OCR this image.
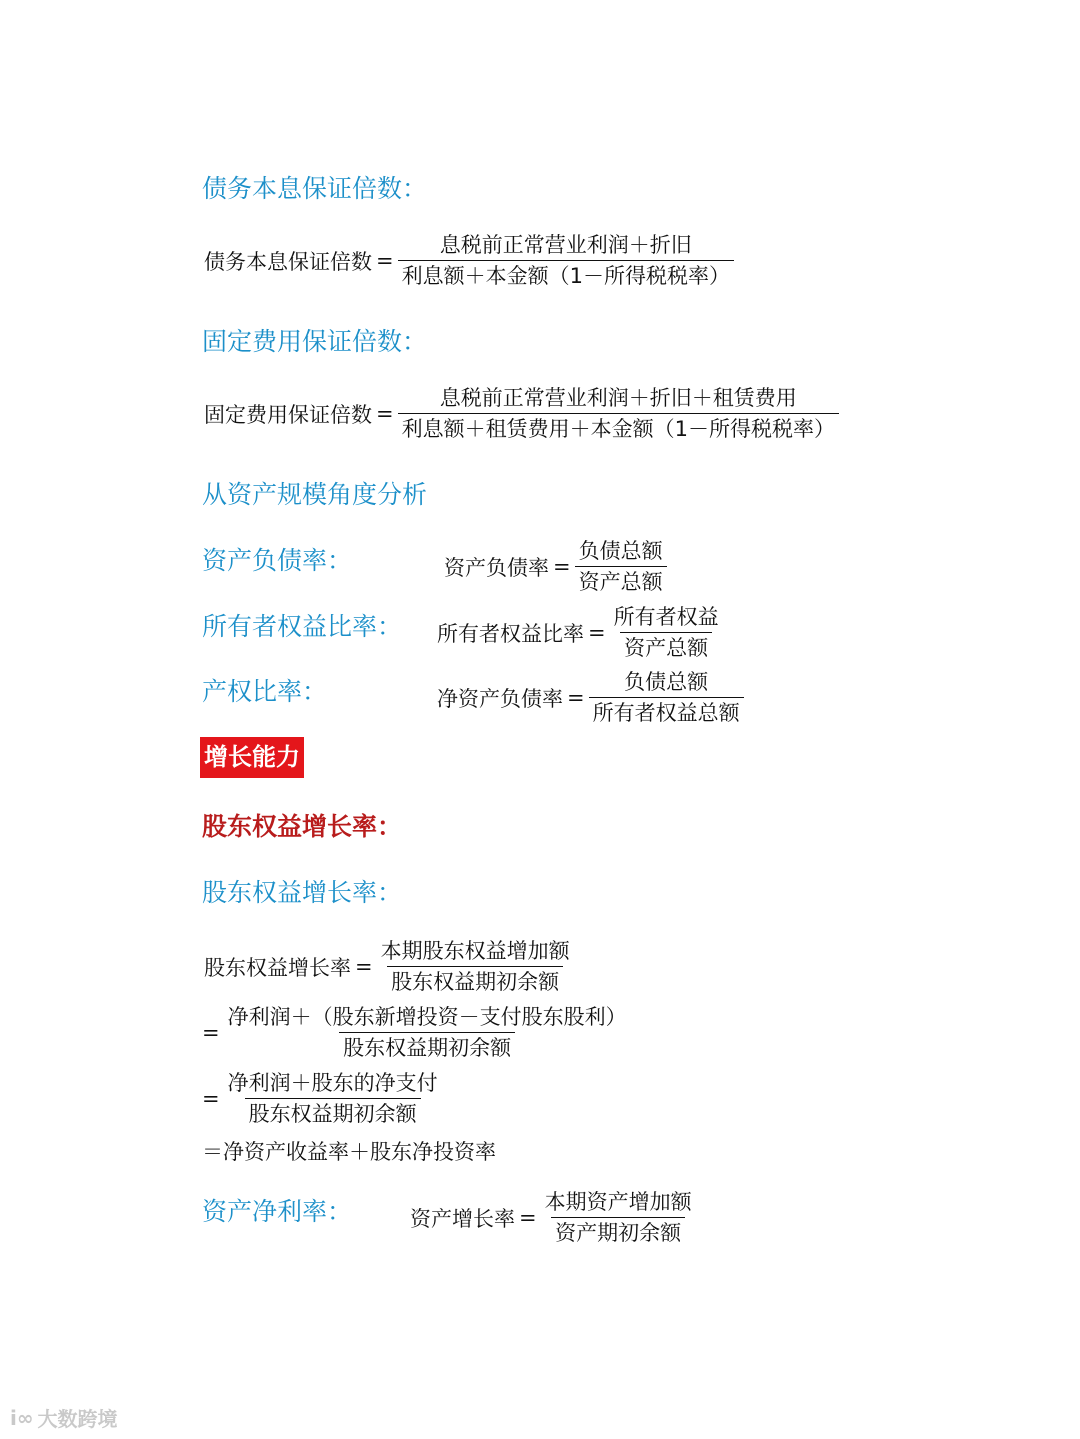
债务本息保证倍数：
债务本息保证倍数 = $\frac{\text{息税前正常营业利润＋折旧}}{\text{利息额＋本金额（1－所得税税率）}}$
固定费用保证倍数：
固定费用保证倍数 = $\frac{\text{息税前正常营业利润＋折旧＋租赁费用}}{\text{利息额＋租赁费用＋本金额（1－所得税税率）}}$
从资产规模角度分析
资产负债率：	资产负债率 = $\frac{\text{负债总额}}{\text{资产总额}}$
所有者权益比率： 所有者权益比率 = $\frac{\text{所有者权益}}{\text{资产总额}}$
产权比率：	净资产负债率 = $\frac{\text{负债总额}}{\text{所有者权益总额}}$
增长能力
股东权益增长率：
股东权益增长率：
股东权益增长率 = $\frac{\text{本期股东权益增加额}}{\text{股东权益期初余额}}$
= $\frac{\text{净利润＋（股东新增投资－支付股东股利）}}{\text{股东权益期初余额}}$
= $\frac{\text{净利润＋股东的净支付}}{\text{股东权益期初余额}}$
＝净资产收益率＋股东净投资率
资产净利率：	资产增长率 = $\frac{\text{本期资产增加额}}{\text{资产期初余额}}$
i∞ 大数跨境
